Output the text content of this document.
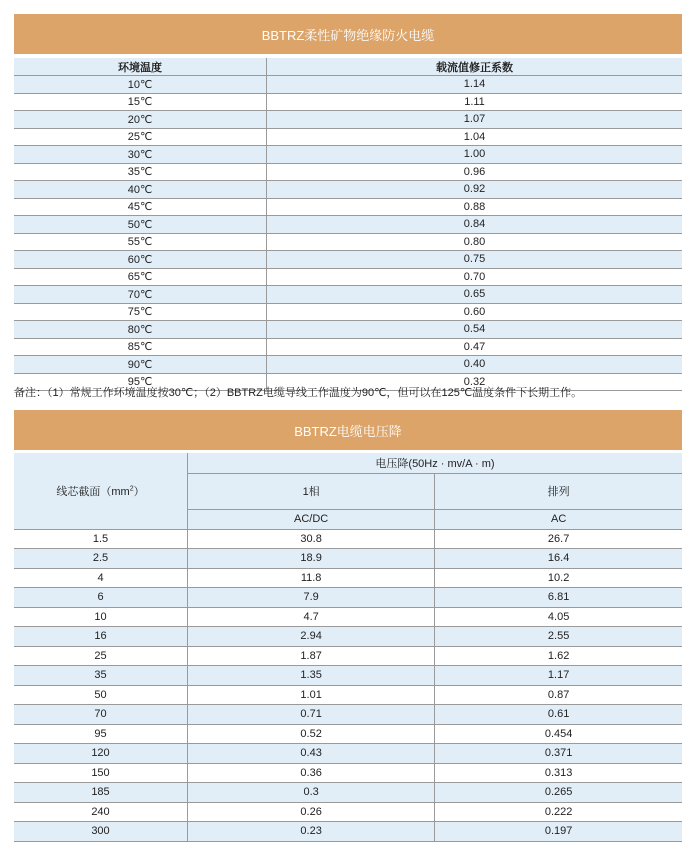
BBTRZ柔性矿物绝缘防火电缆
环境温度	载流值修正系数
10℃	1.14
15℃	1.11
20℃	1.07
25℃	1.04
30℃	1.00
35℃	0.96
40℃	0.92
45℃	0.88
50℃	0.84
55℃	0.80
60℃	0.75
65℃	0.70
70℃	0.65
75℃	0.60
80℃	0.54
85℃	0.47
90℃	0.40
95℃	0.32
备注：（1）常规工作环境温度按30℃；（2）BBTRZ电缆导线工作温度为90℃，但可以在125℃温度条件下长期工作。
BBTRZ电缆电压降
线芯截面$(mm^2)$	电压降(50Hz · mv/A · m)	
	1相	排列
	AC/DC	AC
1.5	30.8	26.7
2.5	18.9	16.4
4	11.8	10.2
6	7.9	6.81
10	4.7	4.05
16	2.94	2.55
25	1.87	1.62
35	1.35	1.17
50	1.01	0.87
70	0.71	0.61
95	0.52	0.454
120	0.43	0.371
150	0.36	0.313
185	0.3	0.265
240	0.26	0.222
300	0.23	0.197
